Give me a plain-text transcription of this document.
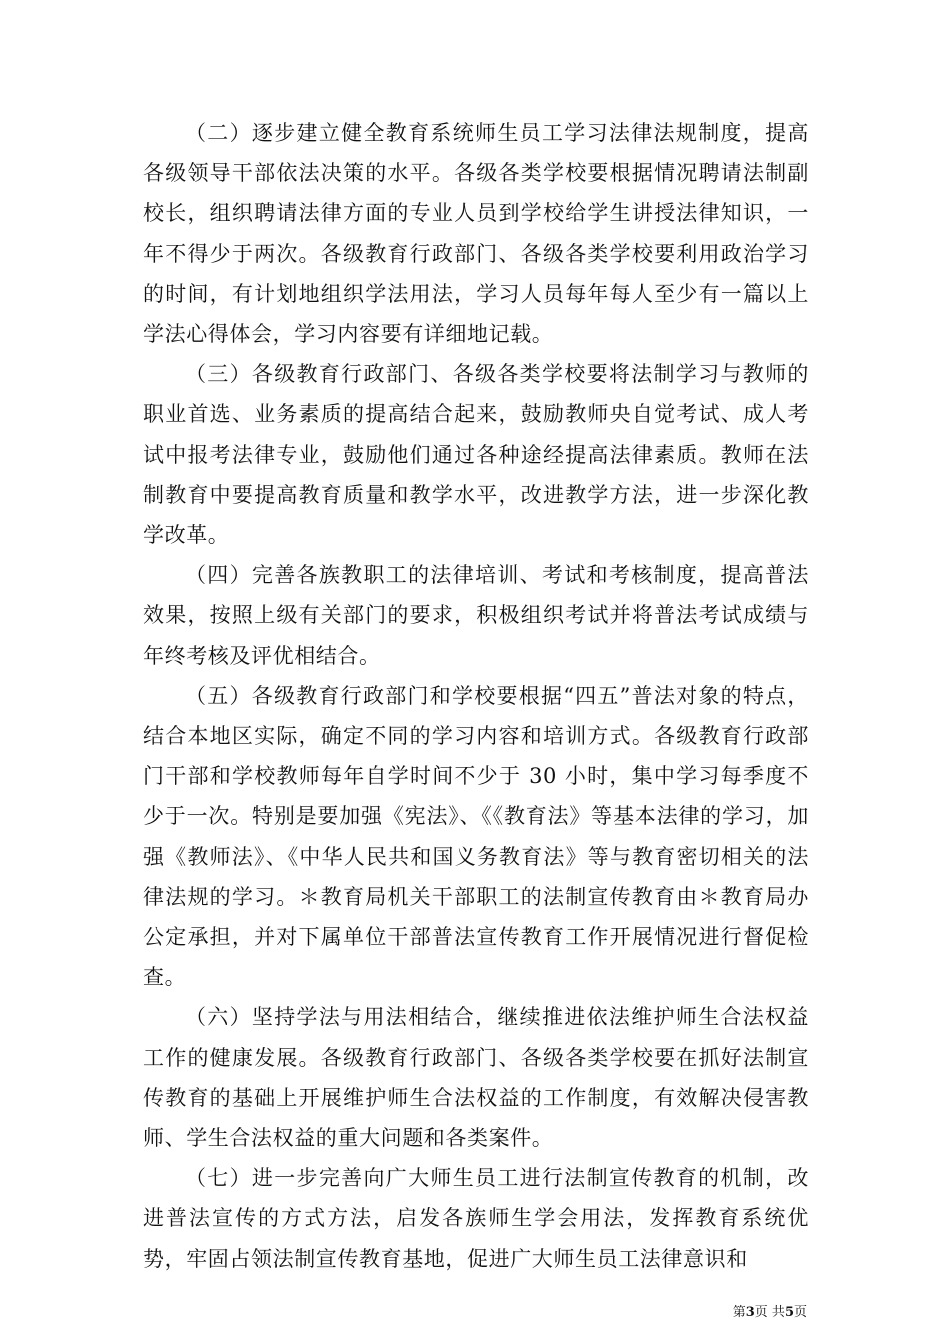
（二）逐步建立健全教育系统师生员工学习法律法规制度，提高各级领导干部依法决策的水平。各级各类学校要根据情况聘请法制副校长，组织聘请法律方面的专业人员到学校给学生讲授法律知识，一年不得少于两次。各级教育行政部门、各级各类学校要利用政治学习的时间，有计划地组织学法用法，学习人员每年每人至少有一篇以上学法心得体会，学习内容要有详细地记载。

（三）各级教育行政部门、各级各类学校要将法制学习与教师的职业首选、业务素质的提高结合起来，鼓励教师央自觉考试、成人考试中报考法律专业，鼓励他们通过各种途经提高法律素质。教师在法制教育中要提高教育质量和教学水平，改进教学方法，进一步深化教学改革。

（四）完善各族教职工的法律培训、考试和考核制度，提高普法效果，按照上级有关部门的要求，积极组织考试并将普法考试成绩与年终考核及评优相结合。

（五）各级教育行政部门和学校要根据“四五”普法对象的特点，结合本地区实际，确定不同的学习内容和培训方式。各级教育行政部门干部和学校教师每年自学时间不少于 30 小时，集中学习每季度不少于一次。特别是要加强《宪法》、《《教育法》等基本法律的学习，加强《教师法》、《中华人民共和国义务教育法》等与教育密切相关的法律法规的学习。＊教育局机关干部职工的法制宣传教育由＊教育局办公定承担，并对下属单位干部普法宣传教育工作开展情况进行督促检查。

（六）坚持学法与用法相结合，继续推进依法维护师生合法权益工作的健康发展。各级教育行政部门、各级各类学校要在抓好法制宣传教育的基础上开展维护师生合法权益的工作制度，有效解决侵害教师、学生合法权益的重大问题和各类案件。

（七）进一步完善向广大师生员工进行法制宣传教育的机制，改进普法宣传的方式方法，启发各族师生学会用法，发挥教育系统优势，牢固占领法制宣传教育基地，促进广大师生员工法律意识和

第3页 共5页
